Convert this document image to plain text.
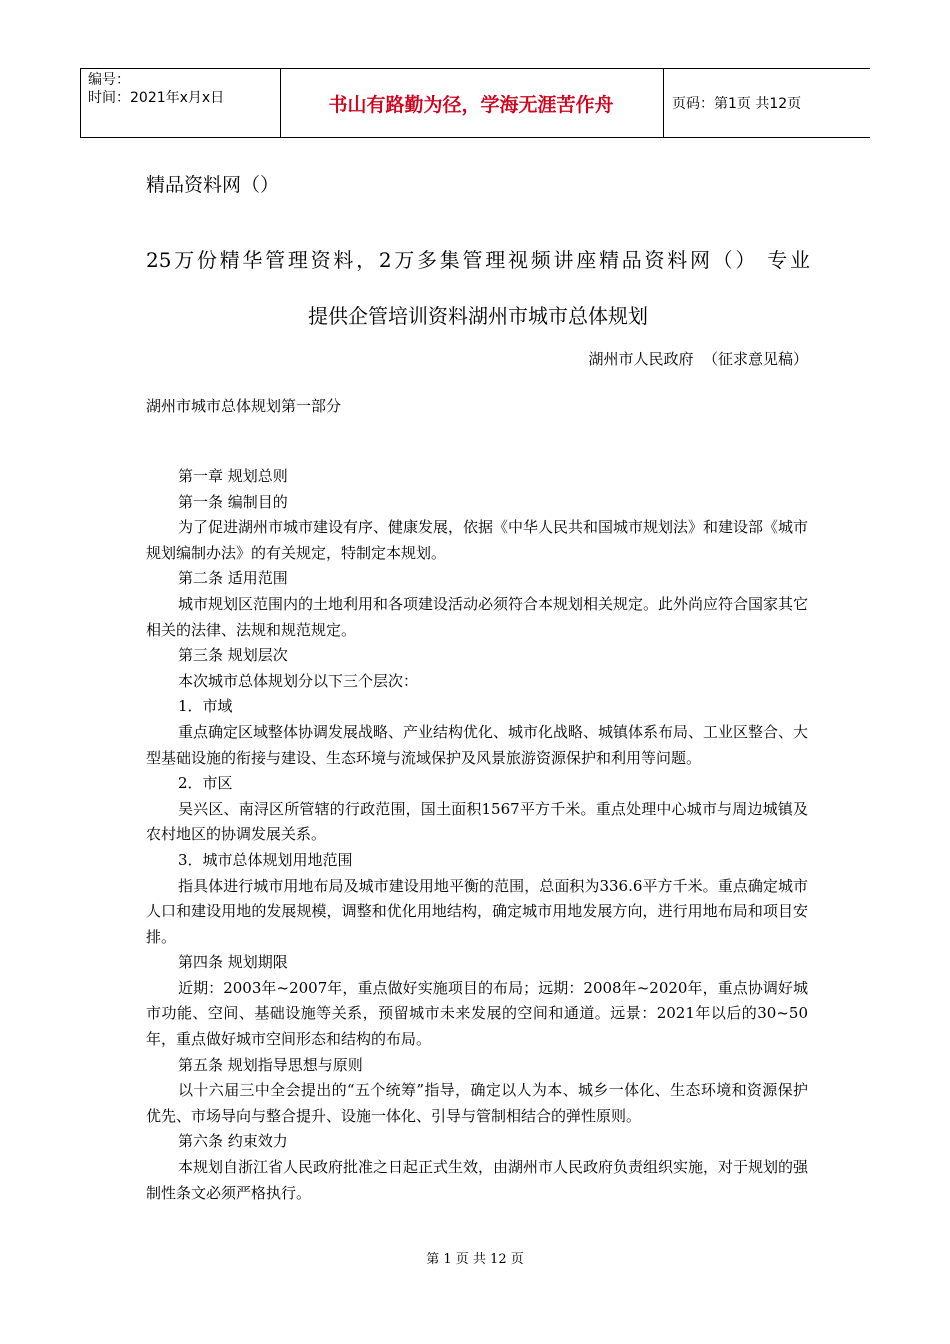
编号：
时间：2021年x月x日	书山有路勤为径，学海无涯苦作舟	页码：第1页 共12页
精品资料网（）
25万份精华管理资料，2万多集管理视频讲座精品资料网（） 专业
提供企管培训资料湖州市城市总体规划
湖州市人民政府  （征求意见稿）
湖州市城市总体规划第一部分

第一章 规划总则

第一条 编制目的

为了促进湖州市城市建设有序、健康发展，依据《中华人民共和国城市规划法》和建设部《城市规划编制办法》的有关规定，特制定本规划。

第二条 适用范围

城市规划区范围内的土地利用和各项建设活动必须符合本规划相关规定。此外尚应符合国家其它相关的法律、法规和规范规定。

第三条 规划层次

本次城市总体规划分以下三个层次：

1．市域

重点确定区域整体协调发展战略、产业结构优化、城市化战略、城镇体系布局、工业区整合、大型基础设施的衔接与建设、生态环境与流域保护及风景旅游资源保护和利用等问题。

2．市区

吴兴区、南浔区所管辖的行政范围，国土面积1567平方千米。重点处理中心城市与周边城镇及农村地区的协调发展关系。

3．城市总体规划用地范围

指具体进行城市用地布局及城市建设用地平衡的范围，总面积为336.6平方千米。重点确定城市人口和建设用地的发展规模，调整和优化用地结构，确定城市用地发展方向，进行用地布局和项目安排。

第四条 规划期限

近期：2003年~2007年，重点做好实施项目的布局；远期：2008年~2020年，重点协调好城市功能、空间、基础设施等关系，预留城市未来发展的空间和通道。远景：2021年以后的30~50年，重点做好城市空间形态和结构的布局。

第五条 规划指导思想与原则

以十六届三中全会提出的“五个统筹”指导，确定以人为本、城乡一体化、生态环境和资源保护优先、市场导向与整合提升、设施一体化、引导与管制相结合的弹性原则。

第六条 约束效力

本规划自浙江省人民政府批准之日起正式生效，由湖州市人民政府负责组织实施，对于规划的强制性条文必须严格执行。

第 1 页 共 12 页
